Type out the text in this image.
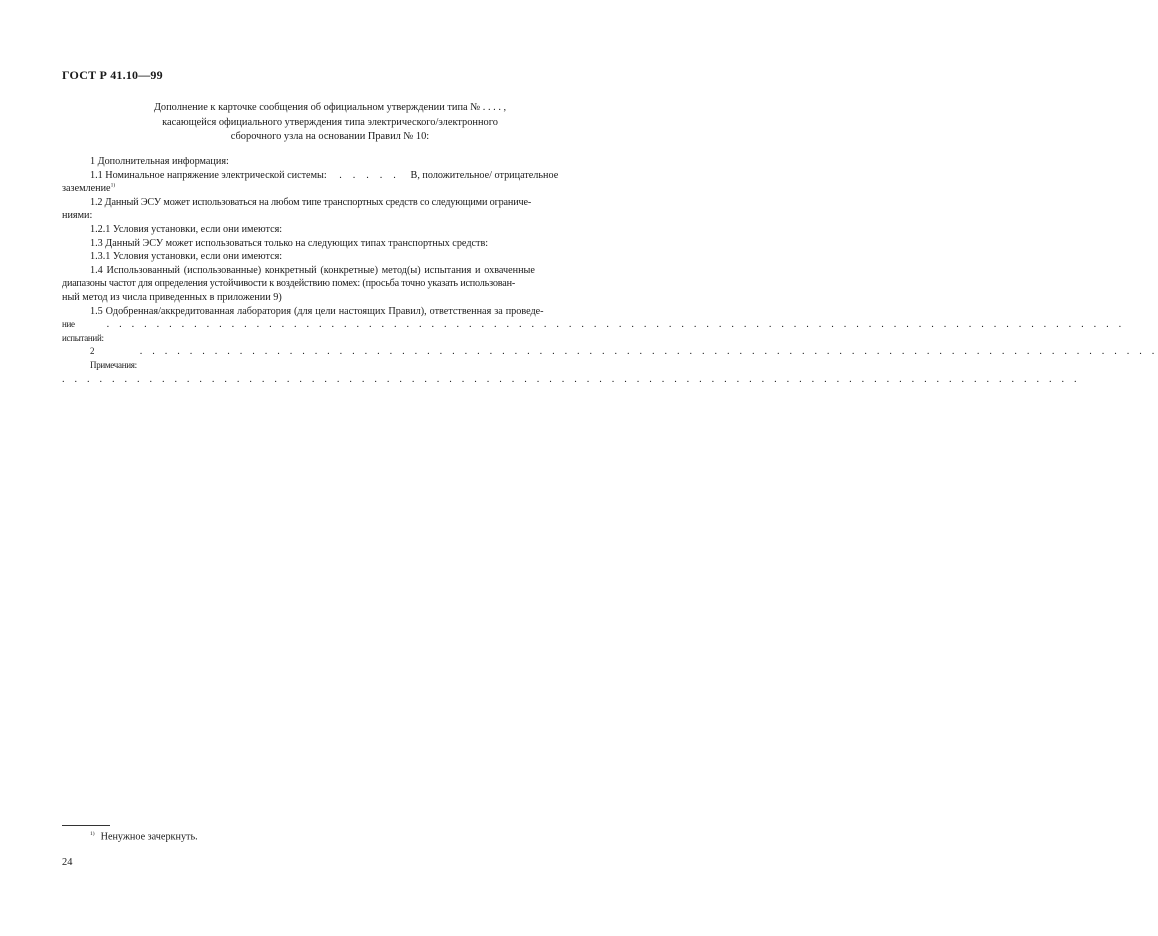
ГОСТ Р 41.10—99
Дополнение к карточке сообщения об официальном утверждении типа № . . . . ,
касающейся официального утверждения типа электрического/электронного
сборочного узла на основании Правил № 10:

1 Дополнительная информация:

1.1 Номинальное напряжение электрической системы: . . . . . В, положительное/ отрицательное

заземление$^{1)}$

1.2 Данный ЭСУ может использоваться на любом типе транспортных средств со следующими ограниче-

ниями:

1.2.1 Условия установки, если они имеются:

1.3 Данный ЭСУ может использоваться только на следующих типах транспортных средств:

1.3.1 Условия установки, если они имеются:

1.4 Использованный (использованные) конкретный (конкретные) метод(ы) испытания и охваченные

диапазоны частот для определения устойчивости к воздействию помех: (просьба точно указать использован-

ный метод из числа приведенных в приложении 9)

1.5 Одобренная/аккредитованная лаборатория (для цели настоящих Правил), ответственная за проведе-

ние испытаний:
. . . . . . . . . . . . . . . . . . . . . . . . . . . . . . . . . . . . . . . . . . . . . . . . . . . . . . . . . . . . . . . . . . . . . . . . . . . . . . . . . .
2 Примечания:
. . . . . . . . . . . . . . . . . . . . . . . . . . . . . . . . . . . . . . . . . . . . . . . . . . . . . . . . . . . . . . . . . . . . . . . . . . . . . . . . . .
. . . . . . . . . . . . . . . . . . . . . . . . . . . . . . . . . . . . . . . . . . . . . . . . . . . . . . . . . . . . . . . . . . . . . . . . . . . . . . . . . .
$^{1)}$ Ненужное зачеркнуть.
24
